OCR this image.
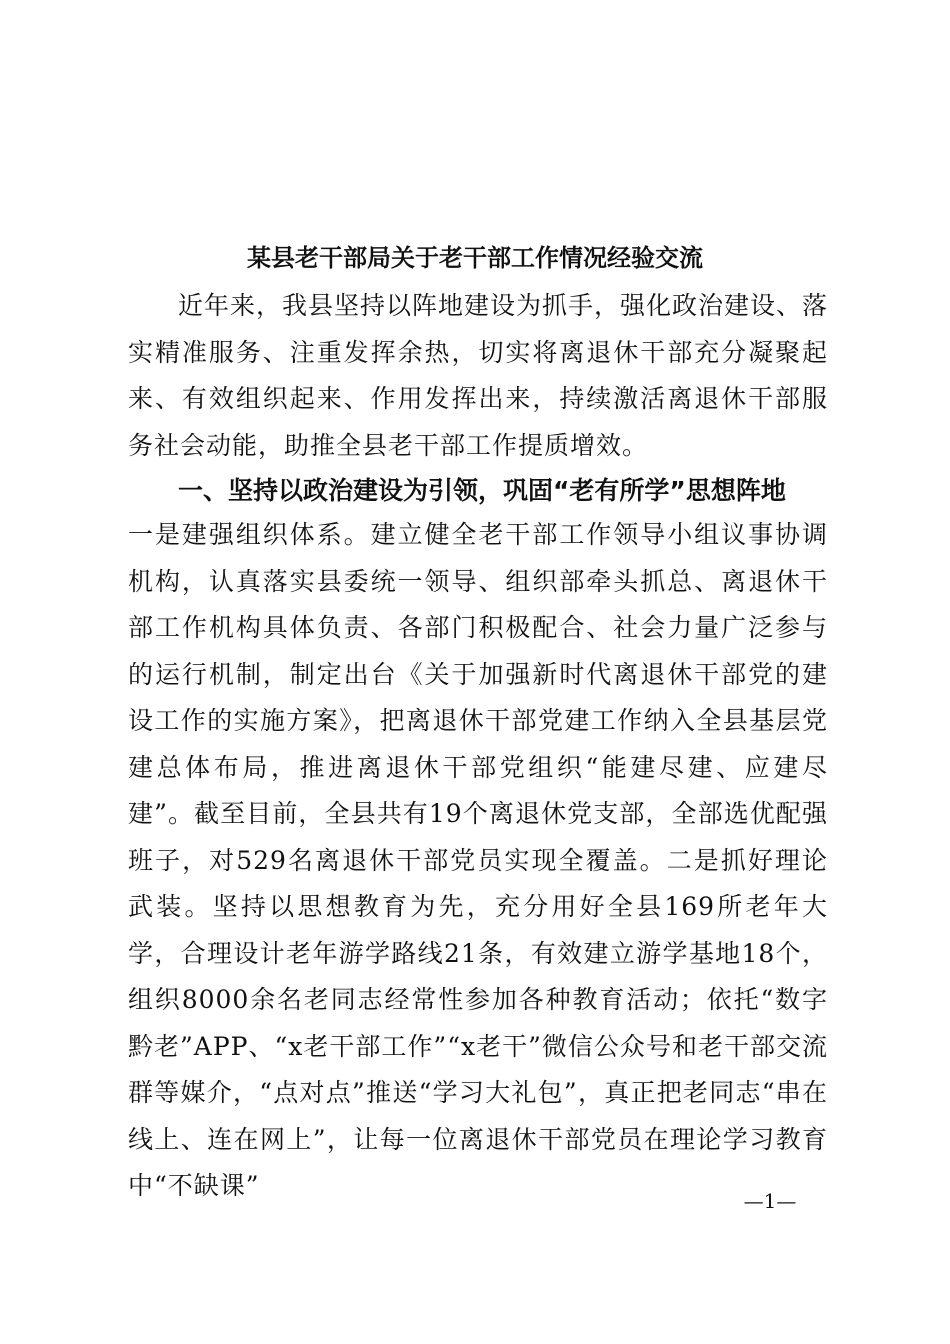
某县老干部局关于老干部工作情况经验交流
近年来，我县坚持以阵地建设为抓手，强化政治建设、落实精准服务、注重发挥余热，切实将离退休干部充分凝聚起来、有效组织起来、作用发挥出来，持续激活离退休干部服务社会动能，助推全县老干部工作提质增效。
一、坚持以政治建设为引领，巩固“老有所学”思想阵地
一是建强组织体系。建立健全老干部工作领导小组议事协调机构，认真落实县委统一领导、组织部牵头抓总、离退休干部工作机构具体负责、各部门积极配合、社会力量广泛参与的运行机制，制定出台《关于加强新时代离退休干部党的建设工作的实施方案》，把离退休干部党建工作纳入全县基层党建总体布局，推进离退休干部党组织“能建尽建、应建尽建”。截至目前，全县共有19个离退休党支部，全部选优配强班子，对529名离退休干部党员实现全覆盖。二是抓好理论武装。坚持以思想教育为先，充分用好全县169所老年大学，合理设计老年游学路线21条，有效建立游学基地18个，组织8000余名老同志经常性参加各种教育活动；依托“数字黔老”APP、“x老干部工作”“x老干”微信公众号和老干部交流群等媒介，“点对点”推送“学习大礼包”，真正把老同志“串在线上、连在网上”，让每一位离退休干部党员在理论学习教育中“不缺课”
—1—
